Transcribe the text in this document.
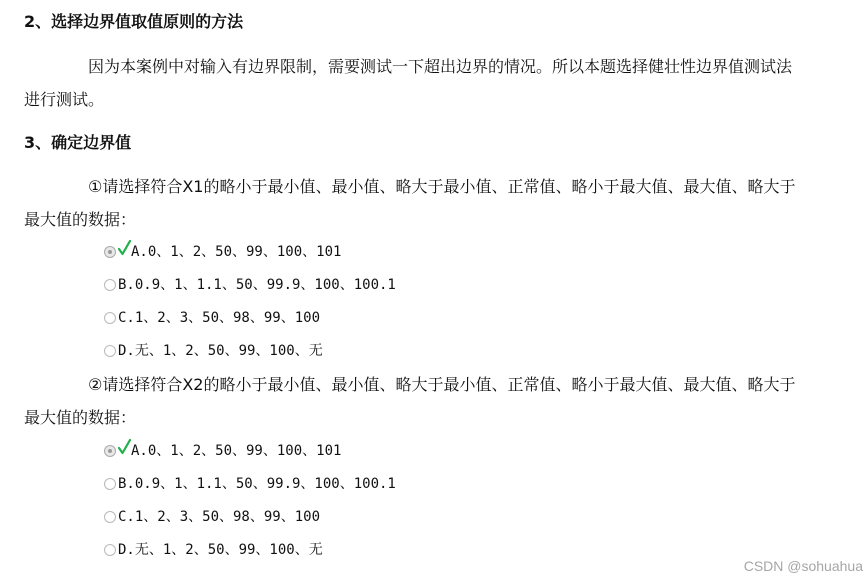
2、选择边界值取值原则的方法
因为本案例中对输入有边界限制，需要测试一下超出边界的情况。所以本题选择健壮性边界值测试法
进行测试。
3、确定边界值
①请选择符合X1的略小于最小值、最小值、略大于最小值、正常值、略小于最大值、最大值、略大于
最大值的数据：
A.0、1、2、50、99、100、101
B.0.9、1、1.1、50、99.9、100、100.1
C.1、2、3、50、98、99、100
D.无、1、2、50、99、100、无
②请选择符合X2的略小于最小值、最小值、略大于最小值、正常值、略小于最大值、最大值、略大于
最大值的数据：
A.0、1、2、50、99、100、101
B.0.9、1、1.1、50、99.9、100、100.1
C.1、2、3、50、98、99、100
D.无、1、2、50、99、100、无
CSDN @sohuahua
